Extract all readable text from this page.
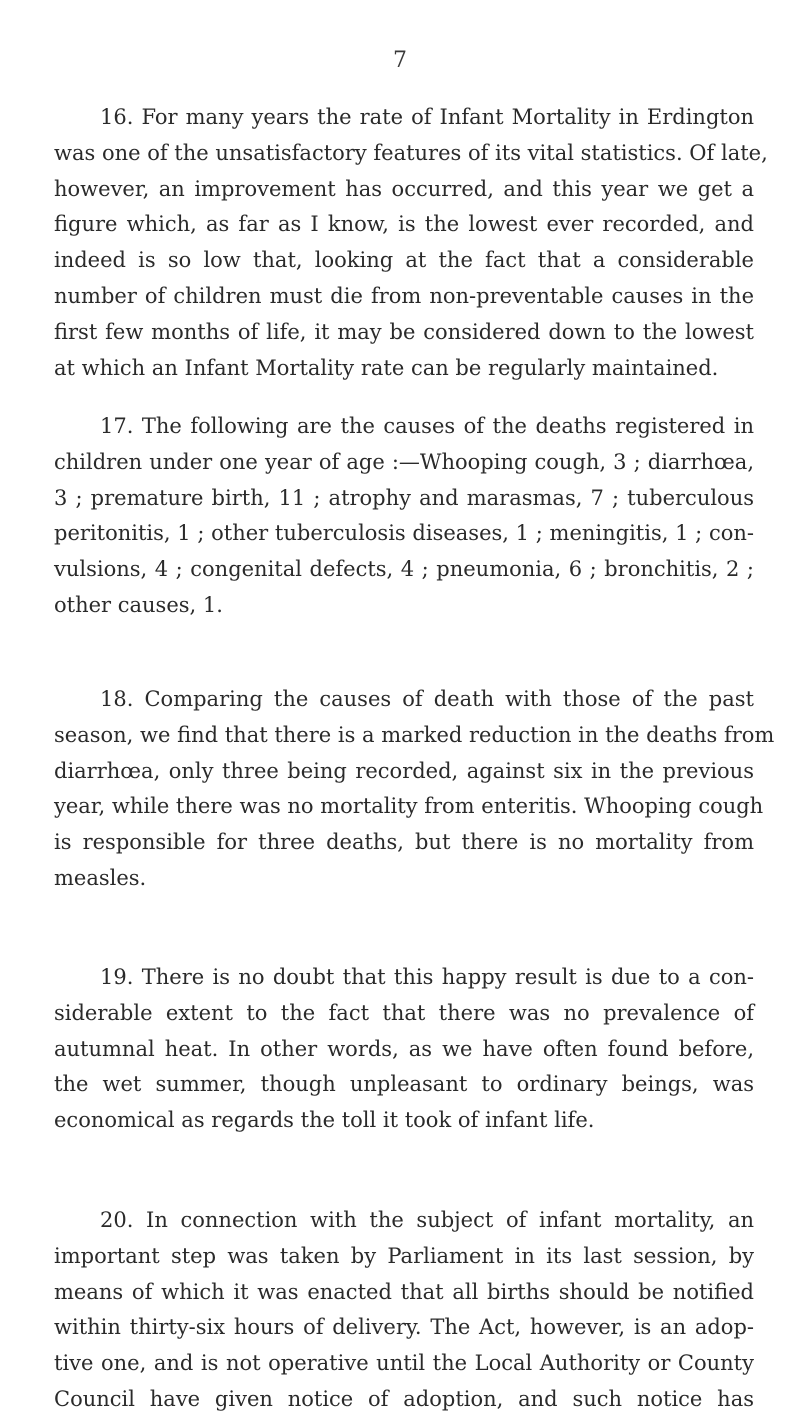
7
16. For many years the rate of Infant Mortality in Erdington
was one of the unsatisfactory features of its vital statistics. Of late,
however, an improvement has occurred, and this year we get a
figure which, as far as I know, is the lowest ever recorded, and
indeed is so low that, looking at the fact that a considerable
number of children must die from non-preventable causes in the
first few months of life, it may be considered down to the lowest
at which an Infant Mortality rate can be regularly maintained.
17. The following are the causes of the deaths registered in
children under one year of age :—Whooping cough, 3 ; diarrhœa,
3 ; premature birth, 11 ; atrophy and marasmas, 7 ; tuberculous
peritonitis, 1 ; other tuberculosis diseases, 1 ; meningitis, 1 ; con-
vulsions, 4 ; congenital defects, 4 ; pneumonia, 6 ; bronchitis, 2 ;
other causes, 1.
18. Comparing the causes of death with those of the past
season, we find that there is a marked reduction in the deaths from
diarrhœa, only three being recorded, against six in the previous
year, while there was no mortality from enteritis. Whooping cough
is responsible for three deaths, but there is no mortality from
measles.
19. There is no doubt that this happy result is due to a con-
siderable extent to the fact that there was no prevalence of
autumnal heat. In other words, as we have often found before,
the wet summer, though unpleasant to ordinary beings, was
economical as regards the toll it took of infant life.
20. In connection with the subject of infant mortality, an
important step was taken by Parliament in its last session, by
means of which it was enacted that all births should be notified
within thirty-six hours of delivery. The Act, however, is an adop-
tive one, and is not operative until the Local Authority or County
Council have given notice of adoption, and such notice has
